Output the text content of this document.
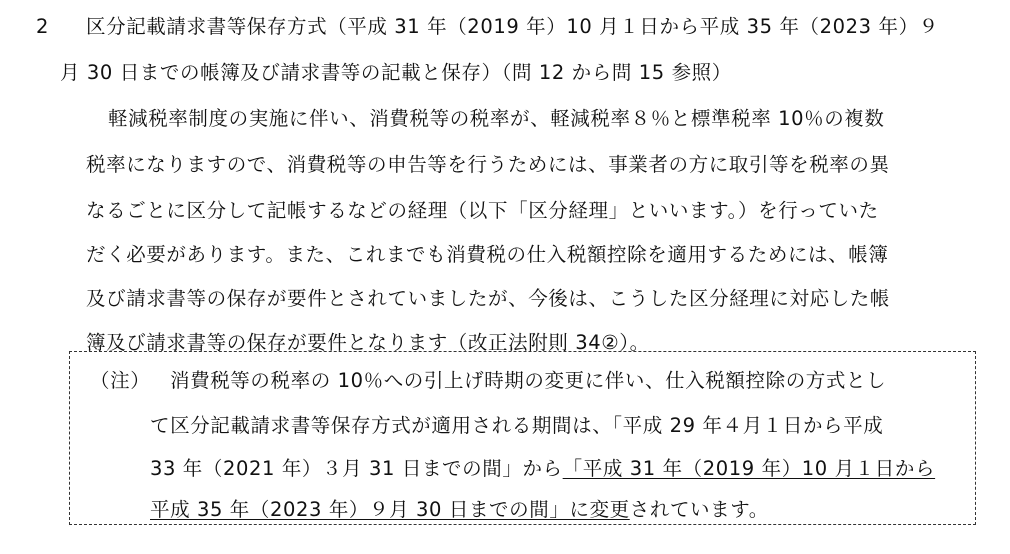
2 区分記載請求書等保存方式（平成 31 年（2019 年）10 月１日から平成 35 年（2023 年）９
月 30 日までの帳簿及び請求書等の記載と保存）（問 12 から問 15 参照）
軽減税率制度の実施に伴い、消費税等の税率が、軽減税率８％と標準税率 10％の複数
税率になりますので、消費税等の申告等を行うためには、事業者の方に取引等を税率の異
なるごとに区分して記帳するなどの経理（以下「区分経理」といいます。）を行っていた
だく必要があります。また、これまでも消費税の仕入税額控除を適用するためには、帳簿
及び請求書等の保存が要件とされていましたが、今後は、こうした区分経理に対応した帳
簿及び請求書等の保存が要件となります（改正法附則 34②）。
（注） 消費税等の税率の 10％への引上げ時期の変更に伴い、仕入税額控除の方式とし
て区分記載請求書等保存方式が適用される期間は、「平成 29 年４月１日から平成
33 年（2021 年）３月 31 日までの間」から「平成 31 年（2019 年）10 月１日から
平成 35 年（2023 年）９月 30 日までの間」に変更されています。
